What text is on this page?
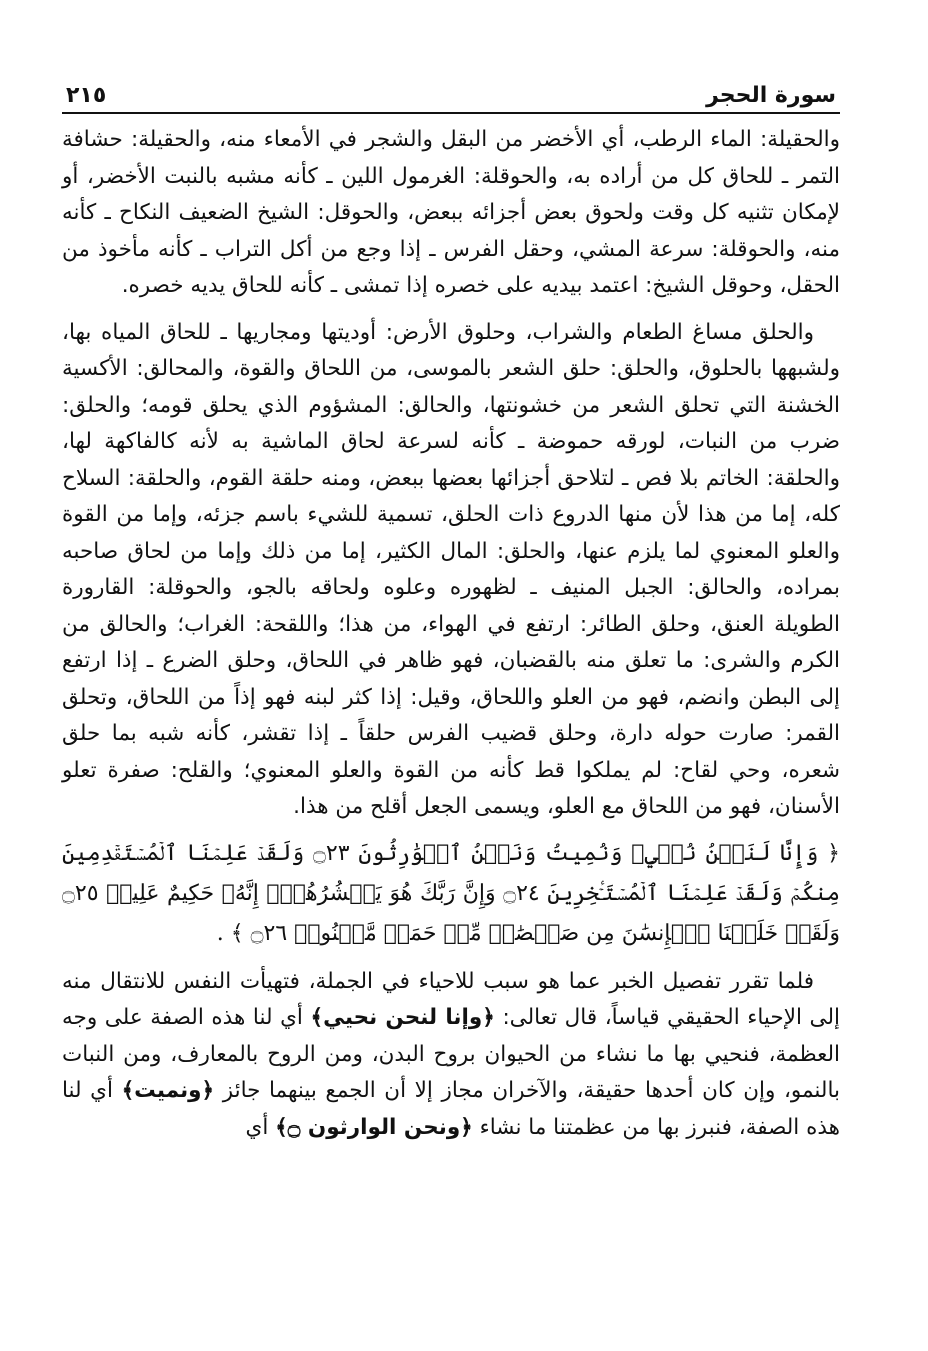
سورة الحجر
٢١٥

والحقيلة: الماء الرطب، أي الأخضر من البقل والشجر في الأمعاء منه، والحقيلة: حشافة التمر ـ للحاق كل من أراده به، والحوقلة: الغرمول اللين ـ كأنه مشبه بالنبت الأخضر، أو لإمكان تثنيه كل وقت ولحوق بعض أجزائه ببعض، والحوقل: الشيخ الضعيف النكاح ـ كأنه منه، والحوقلة: سرعة المشي، وحقل الفرس ـ إذا وجع من أكل التراب ـ كأنه مأخوذ من الحقل، وحوقل الشيخ: اعتمد بيديه على خصره إذا تمشى ـ كأنه للحاق يديه خصره.

والحلق مساغ الطعام والشراب، وحلوق الأرض: أوديتها ومجاريها ـ للحاق المياه بها، ولشبهها بالحلوق، والحلق: حلق الشعر بالموسى، من اللحاق والقوة، والمحالق: الأكسية الخشنة التي تحلق الشعر من خشونتها، والحالق: المشؤوم الذي يحلق قومه؛ والحلق: ضرب من النبات، لورقه حموضة ـ كأنه لسرعة لحاق الماشية به لأنه كالفاكهة لها، والحلقة: الخاتم بلا فص ـ لتلاحق أجزائها بعضها ببعض، ومنه حلقة القوم، والحلقة: السلاح كله، إما من هذا لأن منها الدروع ذات الحلق، تسمية للشيء باسم جزئه، وإما من القوة والعلو المعنوي لما يلزم عنها، والحلق: المال الكثير، إما من ذلك وإما من لحاق صاحبه بمراده، والحالق: الجبل المنيف ـ لظهوره وعلوه ولحاقه بالجو، والحوقلة: القارورة الطويلة العنق، وحلق الطائر: ارتفع في الهواء، من هذا؛ واللقحة: الغراب؛ والحالق من الكرم والشرى: ما تعلق منه بالقضبان، فهو ظاهر في اللحاق، وحلق الضرع ـ إذا ارتفع إلى البطن وانضم، فهو من العلو واللحاق، وقيل: إذا كثر لبنه فهو إذاً من اللحاق، وتحلق القمر: صارت حوله دارة، وحلق قضيب الفرس حلقاً ـ إذا تقشر، كأنه شبه بما حلق شعره، وحي لقاح: لم يملكوا قط كأنه من القوة والعلو المعنوي؛ والقلح: صفرة تعلو الأسنان، فهو من اللحاق مع العلو، ويسمى الجعل أقلح من هذا.

﴿ وَإِنَّا لَنَحۡنُ نُحۡيِۦ وَنُمِيتُ وَنَحۡنُ ٱلۡوَٰرِثُونَ ۝٢٣ وَلَقَدۡ عَلِمۡنَا ٱلۡمُسۡتَقۡدِمِينَ مِنكُمۡ وَلَقَدۡ عَلِمۡنَا ٱلۡمُسۡتَـٔۡخِرِينَ ۝٢٤ وَإِنَّ رَبَّكَ هُوَ يَحۡشُرُهُمۡۚ إِنَّهُۥ حَكِيمٌ عَلِيمٞ ۝٢٥ وَلَقَدۡ خَلَقۡنَا ٱلۡإِنسَٰنَ مِن صَلۡصَٰلٖ مِّنۡ حَمَإٖ مَّسۡنُونٖ ۝٢٦ ﴾ .

فلما تقرر تفصيل الخبر عما هو سبب للاحياء في الجملة، فتهيأت النفس للانتقال منه إلى الإحياء الحقيقي قياساً، قال تعالى: ﴿وإنا لنحن نحيي﴾ أي لنا هذه الصفة على وجه العظمة، فنحيي بها ما نشاء من الحيوان بروح البدن، ومن الروح بالمعارف، ومن النبات بالنمو، وإن كان أحدها حقيقة، والآخران مجاز إلا أن الجمع بينهما جائز ﴿ونميت﴾ أي لنا هذه الصفة، فنبرز بها من عظمتنا ما نشاء ﴿ونحن الوارثون ۝﴾ أي
